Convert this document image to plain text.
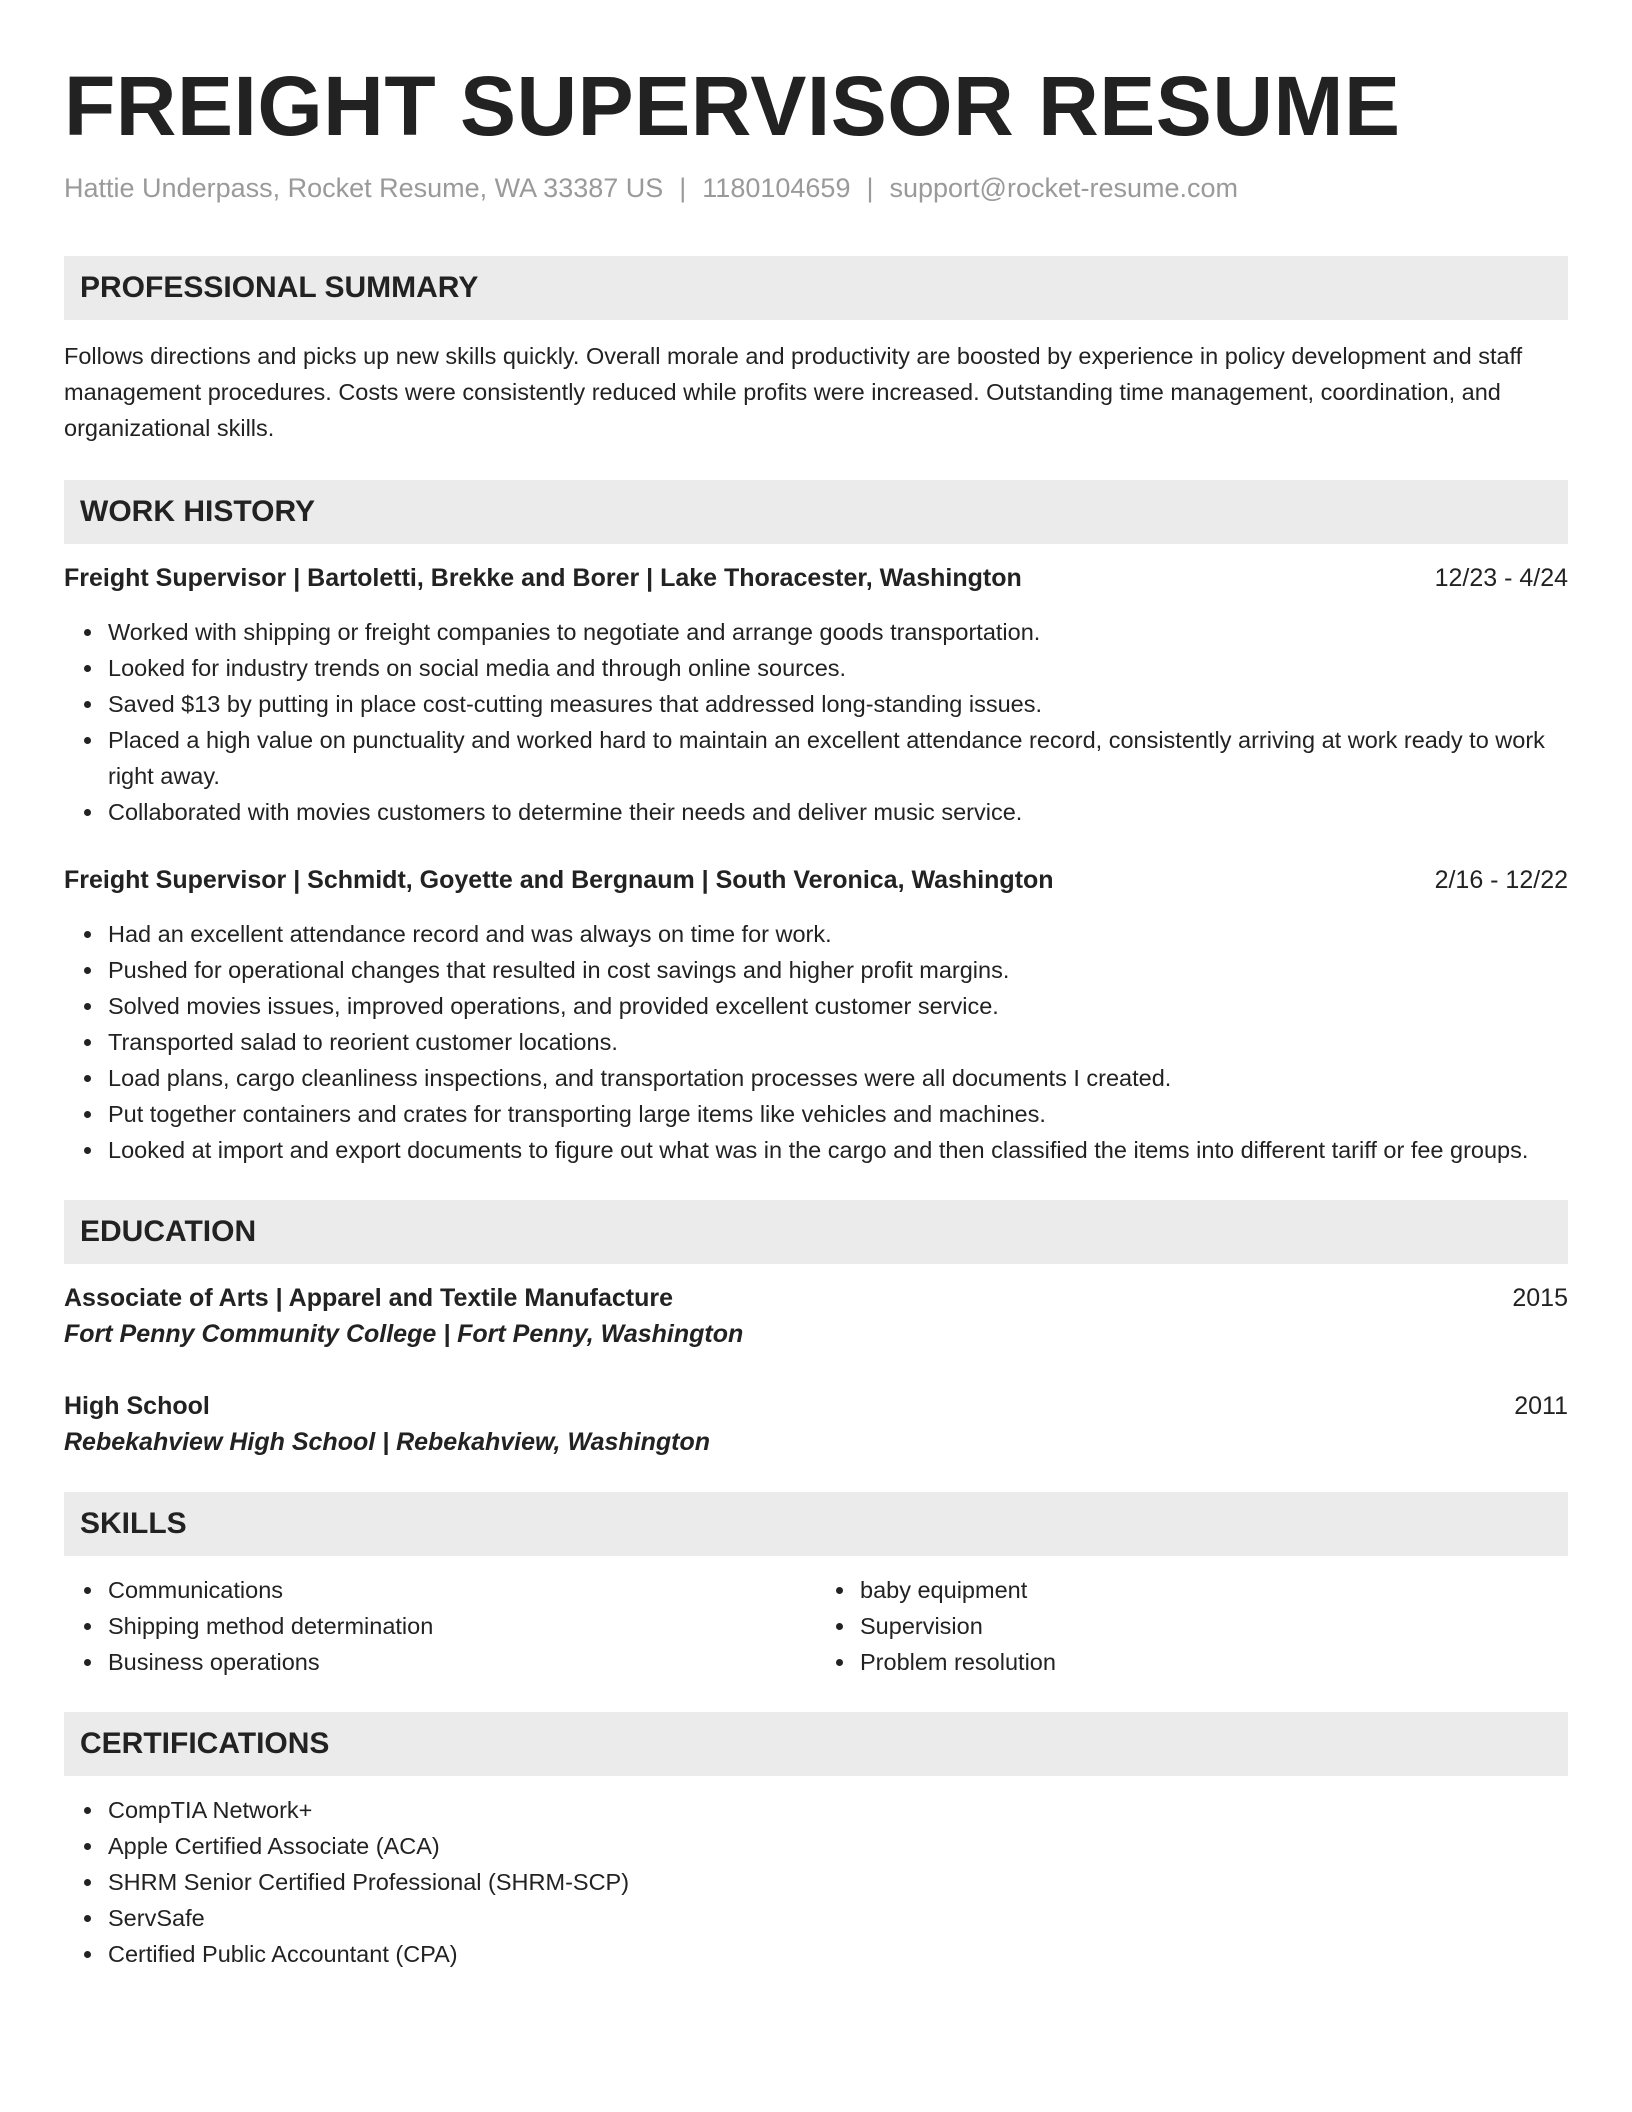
FREIGHT SUPERVISOR RESUME
Hattie Underpass, Rocket Resume, WA 33387 US | 1180104659 | support@rocket-resume.com
PROFESSIONAL SUMMARY

Follows directions and picks up new skills quickly. Overall morale and productivity are boosted by experience in policy development and staff management procedures. Costs were consistently reduced while profits were increased. Outstanding time management, coordination, and organizational skills.

WORK HISTORY
Freight Supervisor | Bartoletti, Brekke and Borer | Lake Thoracester, Washington	12/23 - 4/24
Worked with shipping or freight companies to negotiate and arrange goods transportation.
Looked for industry trends on social media and through online sources.
Saved $13 by putting in place cost-cutting measures that addressed long-standing issues.
Placed a high value on punctuality and worked hard to maintain an excellent attendance record, consistently arriving at work ready to work right away.
Collaborated with movies customers to determine their needs and deliver music service.
Freight Supervisor | Schmidt, Goyette and Bergnaum | South Veronica, Washington	2/16 - 12/22
Had an excellent attendance record and was always on time for work.
Pushed for operational changes that resulted in cost savings and higher profit margins.
Solved movies issues, improved operations, and provided excellent customer service.
Transported salad to reorient customer locations.
Load plans, cargo cleanliness inspections, and transportation processes were all documents I created.
Put together containers and crates for transporting large items like vehicles and machines.
Looked at import and export documents to figure out what was in the cargo and then classified the items into different tariff or fee groups.
EDUCATION
Associate of Arts | Apparel and Textile Manufacture	2015
Fort Penny Community College | Fort Penny, Washington
High School	2011
Rebekahview High School | Rebekahview, Washington
SKILLS
Communications
Shipping method determination
Business operations
baby equipment
Supervision
Problem resolution
CERTIFICATIONS
CompTIA Network+
Apple Certified Associate (ACA)
SHRM Senior Certified Professional (SHRM-SCP)
ServSafe
Certified Public Accountant (CPA)
